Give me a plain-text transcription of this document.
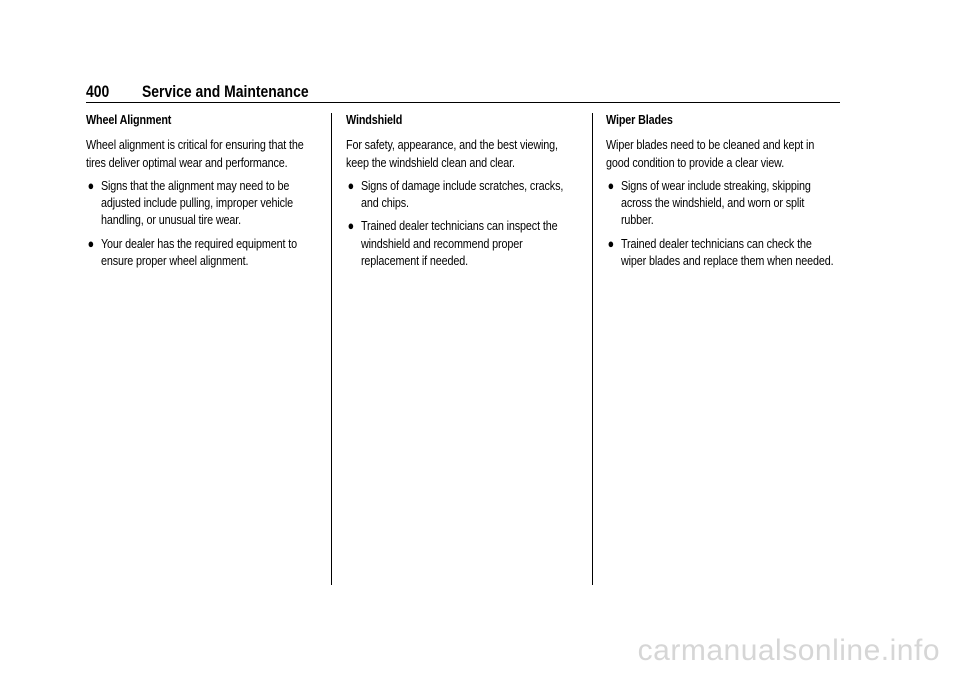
400 Service and Maintenance

Wheel Alignment

Wheel alignment is critical for ensuring that the tires deliver optimal wear and performance.

● Signs that the alignment may need to be adjusted include pulling, improper vehicle handling, or unusual tire wear.
● Your dealer has the required equipment to ensure proper wheel alignment.

Windshield

For safety, appearance, and the best viewing, keep the windshield clean and clear.

● Signs of damage include scratches, cracks, and chips.
● Trained dealer technicians can inspect the windshield and recommend proper replacement if needed.

Wiper Blades

Wiper blades need to be cleaned and kept in good condition to provide a clear view.

● Signs of wear include streaking, skipping across the windshield, and worn or split rubber.
● Trained dealer technicians can check the wiper blades and replace them when needed.
carmanualsonline.info
